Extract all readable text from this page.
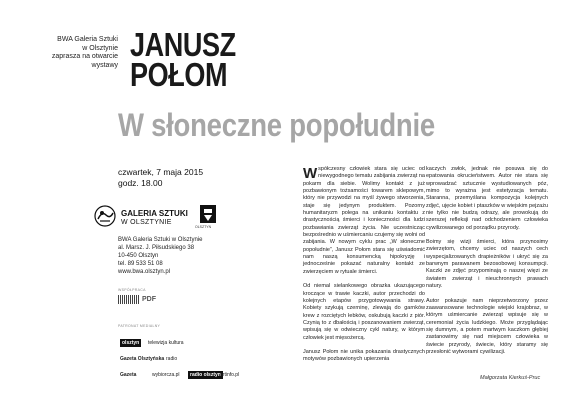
BWA Galeria Sztuki
w Olsztynie
zaprasza na otwarcie
wystawy
JANUSZ
POŁOM
W słoneczne popołudnie
czwartek, 7 maja 2015
godz. 18.00
GALERIA SZTUKI
W OLSZTYNIE
OLSZTYN
BWA Galeria Sztuki w Olsztynie
al. Marsz. J. Piłsudskiego 38
10-450 Olsztyn
tel. 89 533 51 08
www.bwa.olsztyn.pl
WSPÓŁPRACA
PDF
PATRONAT MEDIALNY
olsztyn	telewizja kultura
Gazeta Olsztyńska radio
Gazeta	wybiorcza.pl	radio olsztyn artinfo.pl

Współczesny człowiek stara się uciec od niewygodnego tematu zabijania zwierząt na pokarm dla siebie. Wolimy kontakt z już pozbawionym tożsamości towarem sklepowym, który nie przywodzi na myśl żywego stworzenia, staje się jedynym produktem. Pozorny humanitaryzm polega na unikaniu kontaktu z drastycznością śmierci i konieczności dla ludzi pozbawiania zwierząt życia. Nie uczestnicząc bezpośrednio w uśmiercaniu czujemy się wolni od zabijania. W nowym cyklu prac „W słoneczne popołudnie”, Janusz Połom stara się uświadomić nam naszą konsumencką hipokryzję i jednocześnie pokazać naturalny kontakt ze zwierzęciem w rytuale śmierci.

Od niemal sielankowego obrazka ukazującego kroczące w trawie kaczki, autor przechodzi do kolejnych etapów przygotowywania strawy. Kobiety szykują czerninę, zlewają do garnków krew z rozciętych łebków, oskubują kaczki z piór. Czynią to z dbałością i poszanowaniem zwierząt, wpisują się w odwieczny cykl natury, w którym człowiek jest mięsożercą.

Janusz Połom nie unika pokazania drastycznych motywów pozbawionych upierzenia

kaczych zwłok, jednak nie posuwa się do epatowania okrucieństwem. Autor nie stara się wprowadzać sztucznie wystudiowanych póz, mimo to wyrażna jest estetyzacja tematu. Staranna, przemyślana kompozycja kolejnych zdjęć, ujęcie kobiet i ptaszków w wiejskim pejzażu nie tylko nie budzą odrazy, ale prowokują do szerszej refleksji nad odchodzeniem człowieka cywilizowanego od porządku przyrody.

Boimy się wizji śmierci, która przynosimy zwierzętom, chcemy uciec od naszych cech wyspecjalizowanych drapieżników i ukryć się za barwnym parawanem bezosobowej konsumpcji. Kaczki ze zdjęć przypominają o naszej więzi ze światem zwierząt i nieuchronnych prawach natury.

Autor pokazuje nam nieprzetworzony przez zaawansowane technologie wiejski krajobraz, w którym uśmiercanie zwierząt wpisuje się w ceremoniał życia ludzkiego. Może przyglądając się dumnym, a potem martwym kaczkom głębiej zastanowimy się nad miejscem człowieka w świecie przyrody, świecie, który staramy się przesłonić wytworami cywilizacji.

Małgorzata Kierkuś-Pruc
